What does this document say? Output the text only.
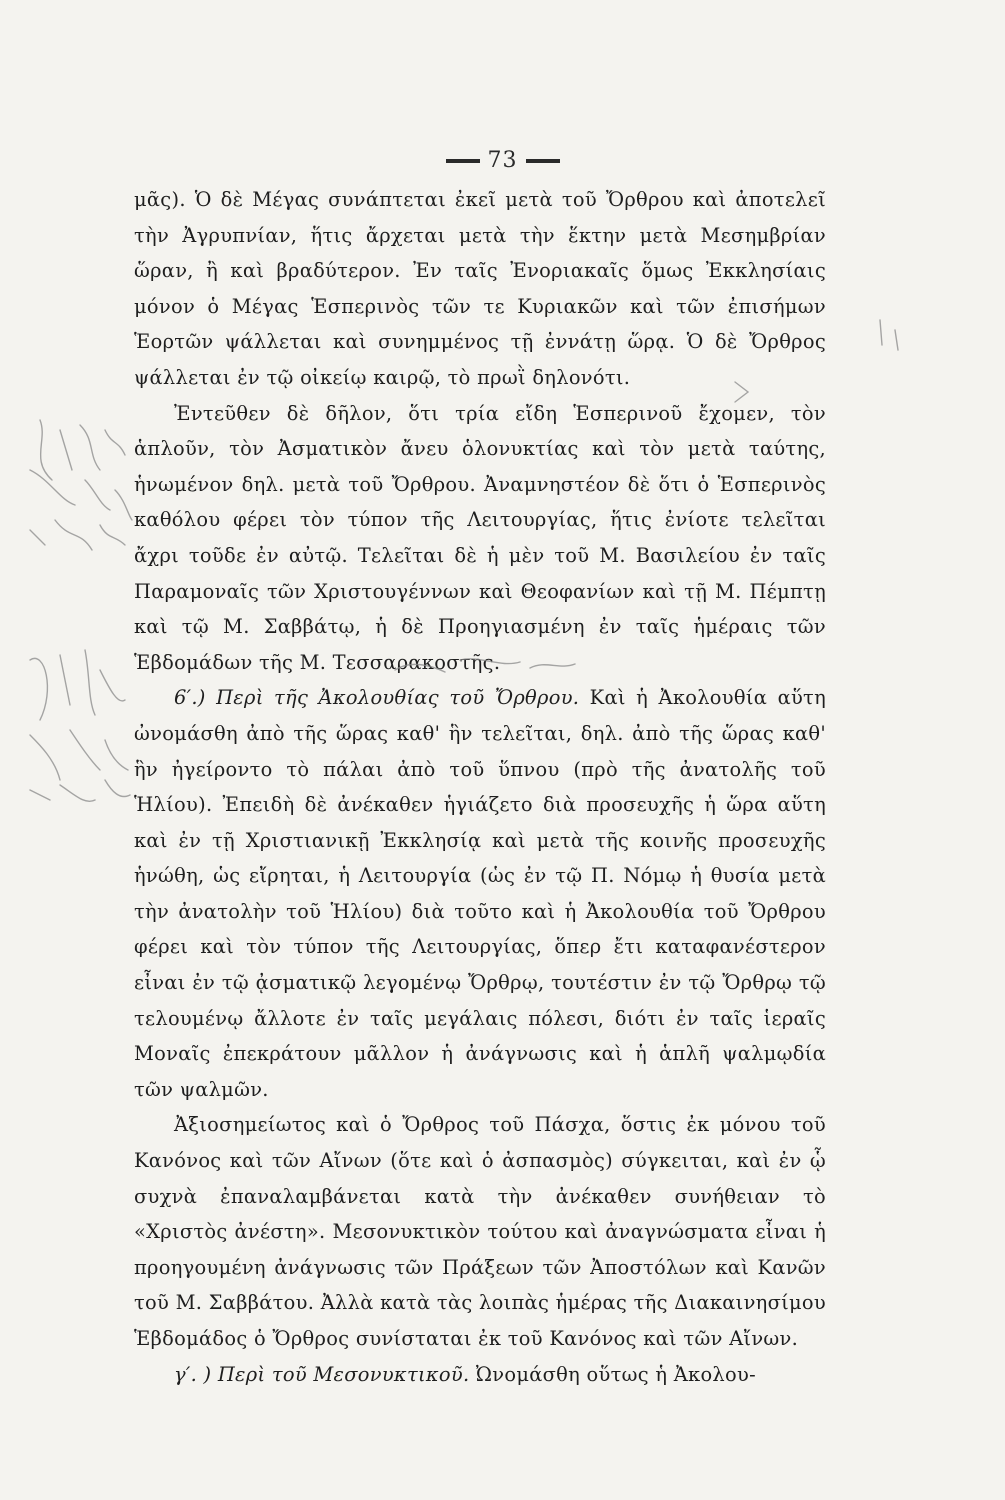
73

μᾶς). Ὁ δὲ Μέγας συνάπτεται ἐκεῖ μετὰ τοῦ Ὄρθρου καὶ ἀποτελεῖ τὴν Ἀγρυπνίαν, ἥτις ἄρχεται μετὰ τὴν ἕκτην μετὰ Μεσημβρίαν ὥραν, ἢ καὶ βραδύτερον. Ἐν ταῖς Ἐνοριακαῖς ὅμως Ἐκκλησίαις μόνον ὁ Μέγας Ἑσπερινὸς τῶν τε Κυριακῶν καὶ τῶν ἐπισήμων Ἑορτῶν ψάλλεται καὶ συνημμένος τῇ ἐννάτῃ ὥρᾳ. Ὁ δὲ Ὄρθρος ψάλλεται ἐν τῷ οἰκείῳ καιρῷ, τὸ πρωῒ δηλονότι.

Ἐντεῦθεν δὲ δῆλον, ὅτι τρία εἴδη Ἑσπερινοῦ ἔχομεν, τὸν ἁπλοῦν, τὸν Ἀσματικὸν ἄνευ ὁλονυκτίας καὶ τὸν μετὰ ταύτης, ἡνωμένον δηλ. μετὰ τοῦ Ὄρθρου. Ἀναμνηστέον δὲ ὅτι ὁ Ἑσπερινὸς καθόλου φέρει τὸν τύπον τῆς Λειτουργίας, ἥτις ἐνίοτε τελεῖται ἄχρι τοῦδε ἐν αὐτῷ. Τελεῖται δὲ ἡ μὲν τοῦ Μ. Βασιλείου ἐν ταῖς Παραμοναῖς τῶν Χριστουγέννων καὶ Θεοφανίων καὶ τῇ Μ. Πέμπτῃ καὶ τῷ Μ. Σαββάτῳ, ἡ δὲ Προηγιασμένη ἐν ταῖς ἡμέραις τῶν Ἑβδομάδων τῆς Μ. Τεσσαρακοστῆς.

6′.) Περὶ τῆς Ἀκολουθίας τοῦ Ὄρθρου. Καὶ ἡ Ἀκολουθία αὕτη ὠνομάσθη ἀπὸ τῆς ὥρας καθ' ἣν τελεῖται, δηλ. ἀπὸ τῆς ὥρας καθ' ἣν ἠγείροντο τὸ πάλαι ἀπὸ τοῦ ὕπνου (πρὸ τῆς ἀνατολῆς τοῦ Ἡλίου). Ἐπειδὴ δὲ ἀνέκαθεν ἡγιάζετο διὰ προσευχῆς ἡ ὥρα αὕτη καὶ ἐν τῇ Χριστιανικῇ Ἐκκλησίᾳ καὶ μετὰ τῆς κοινῆς προσευχῆς ἡνώθη, ὡς εἴρηται, ἡ Λειτουργία (ὡς ἐν τῷ Π. Νόμῳ ἡ θυσία μετὰ τὴν ἀνατολὴν τοῦ Ἡλίου) διὰ τοῦτο καὶ ἡ Ἀκολουθία τοῦ Ὄρθρου φέρει καὶ τὸν τύπον τῆς Λειτουργίας, ὅπερ ἔτι καταφανέστερον εἶναι ἐν τῷ ᾀσματικῷ λεγομένῳ Ὄρθρῳ, τουτέστιν ἐν τῷ Ὄρθρῳ τῷ τελουμένῳ ἄλλοτε ἐν ταῖς μεγάλαις πόλεσι, διότι ἐν ταῖς ἱεραῖς Μοναῖς ἐπεκράτουν μᾶλλον ἡ ἀνάγνωσις καὶ ἡ ἁπλῆ ψαλμῳδία τῶν ψαλμῶν.

Ἀξιοσημείωτος καὶ ὁ Ὄρθρος τοῦ Πάσχα, ὅστις ἐκ μόνου τοῦ Κανόνος καὶ τῶν Αἴνων (ὅτε καὶ ὁ ἀσπασμὸς) σύγκειται, καὶ ἐν ᾧ συχνὰ ἐπαναλαμβάνεται κατὰ τὴν ἀνέκαθεν συνήθειαν τὸ «Χριστὸς ἀνέστη». Μεσονυκτικὸν τούτου καὶ ἀναγνώσματα εἶναι ἡ προηγουμένη ἀνάγνωσις τῶν Πράξεων τῶν Ἀποστόλων καὶ Κανῶν τοῦ Μ. Σαββάτου. Ἀλλὰ κατὰ τὰς λοιπὰς ἡμέρας τῆς Διακαινησίμου Ἑβδομάδος ὁ Ὄρθρος συνίσταται ἐκ τοῦ Κανόνος καὶ τῶν Αἴνων.

γ′. ) Περὶ τοῦ Μεσονυκτικοῦ. Ὠνομάσθη οὕτως ἡ Ἀκολου-
